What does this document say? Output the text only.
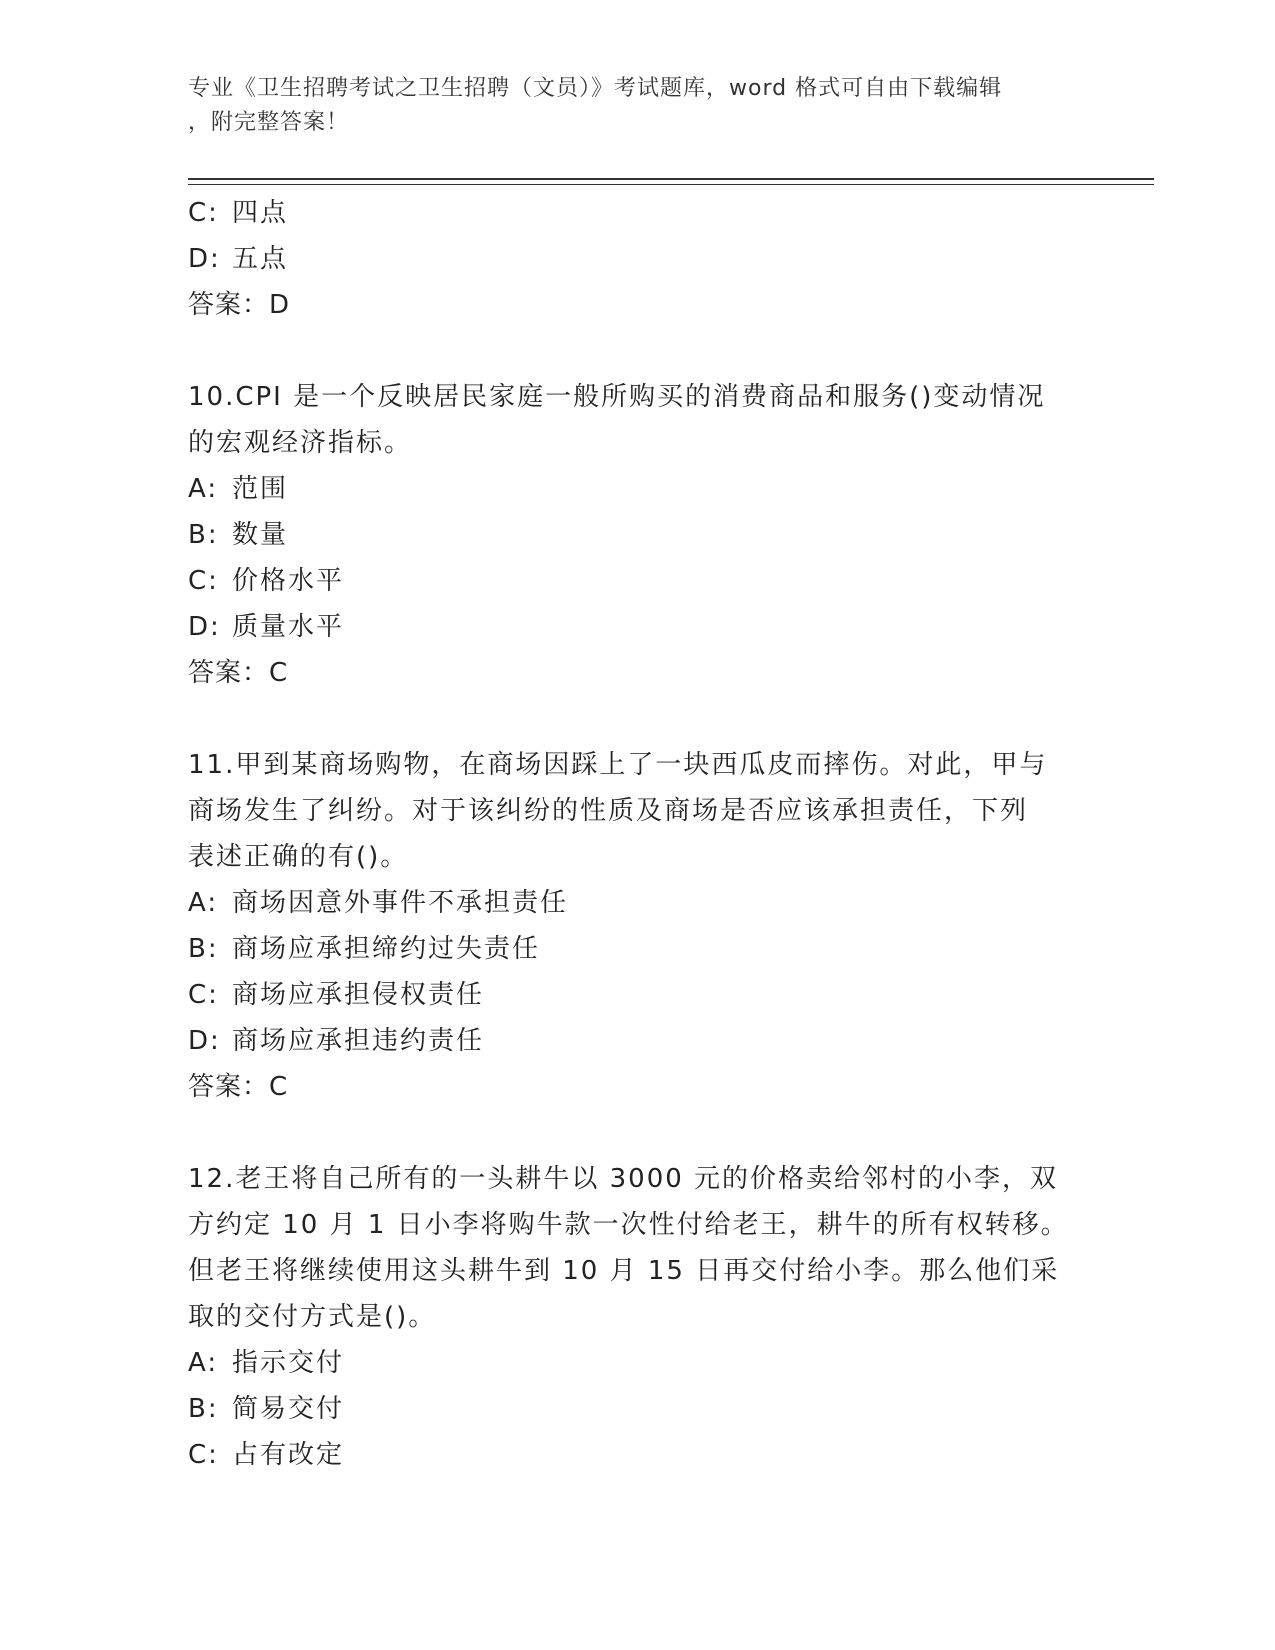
专业《卫生招聘考试之卫生招聘（文员）》考试题库，word 格式可自由下载编辑
，附完整答案！
C: 四点
D: 五点
答案：D
10.CPI 是一个反映居民家庭一般所购买的消费商品和服务()变动情况
的宏观经济指标。
A: 范围
B: 数量
C: 价格水平
D: 质量水平
答案：C
11.甲到某商场购物，在商场因踩上了一块西瓜皮而摔伤。对此，甲与
商场发生了纠纷。对于该纠纷的性质及商场是否应该承担责任，下列
表述正确的有()。
A: 商场因意外事件不承担责任
B: 商场应承担缔约过失责任
C: 商场应承担侵权责任
D: 商场应承担违约责任
答案：C
12.老王将自己所有的一头耕牛以 3000 元的价格卖给邻村的小李，双
方约定 10 月 1 日小李将购牛款一次性付给老王，耕牛的所有权转移。
但老王将继续使用这头耕牛到 10 月 15 日再交付给小李。那么他们采
取的交付方式是()。
A: 指示交付
B: 简易交付
C: 占有改定
